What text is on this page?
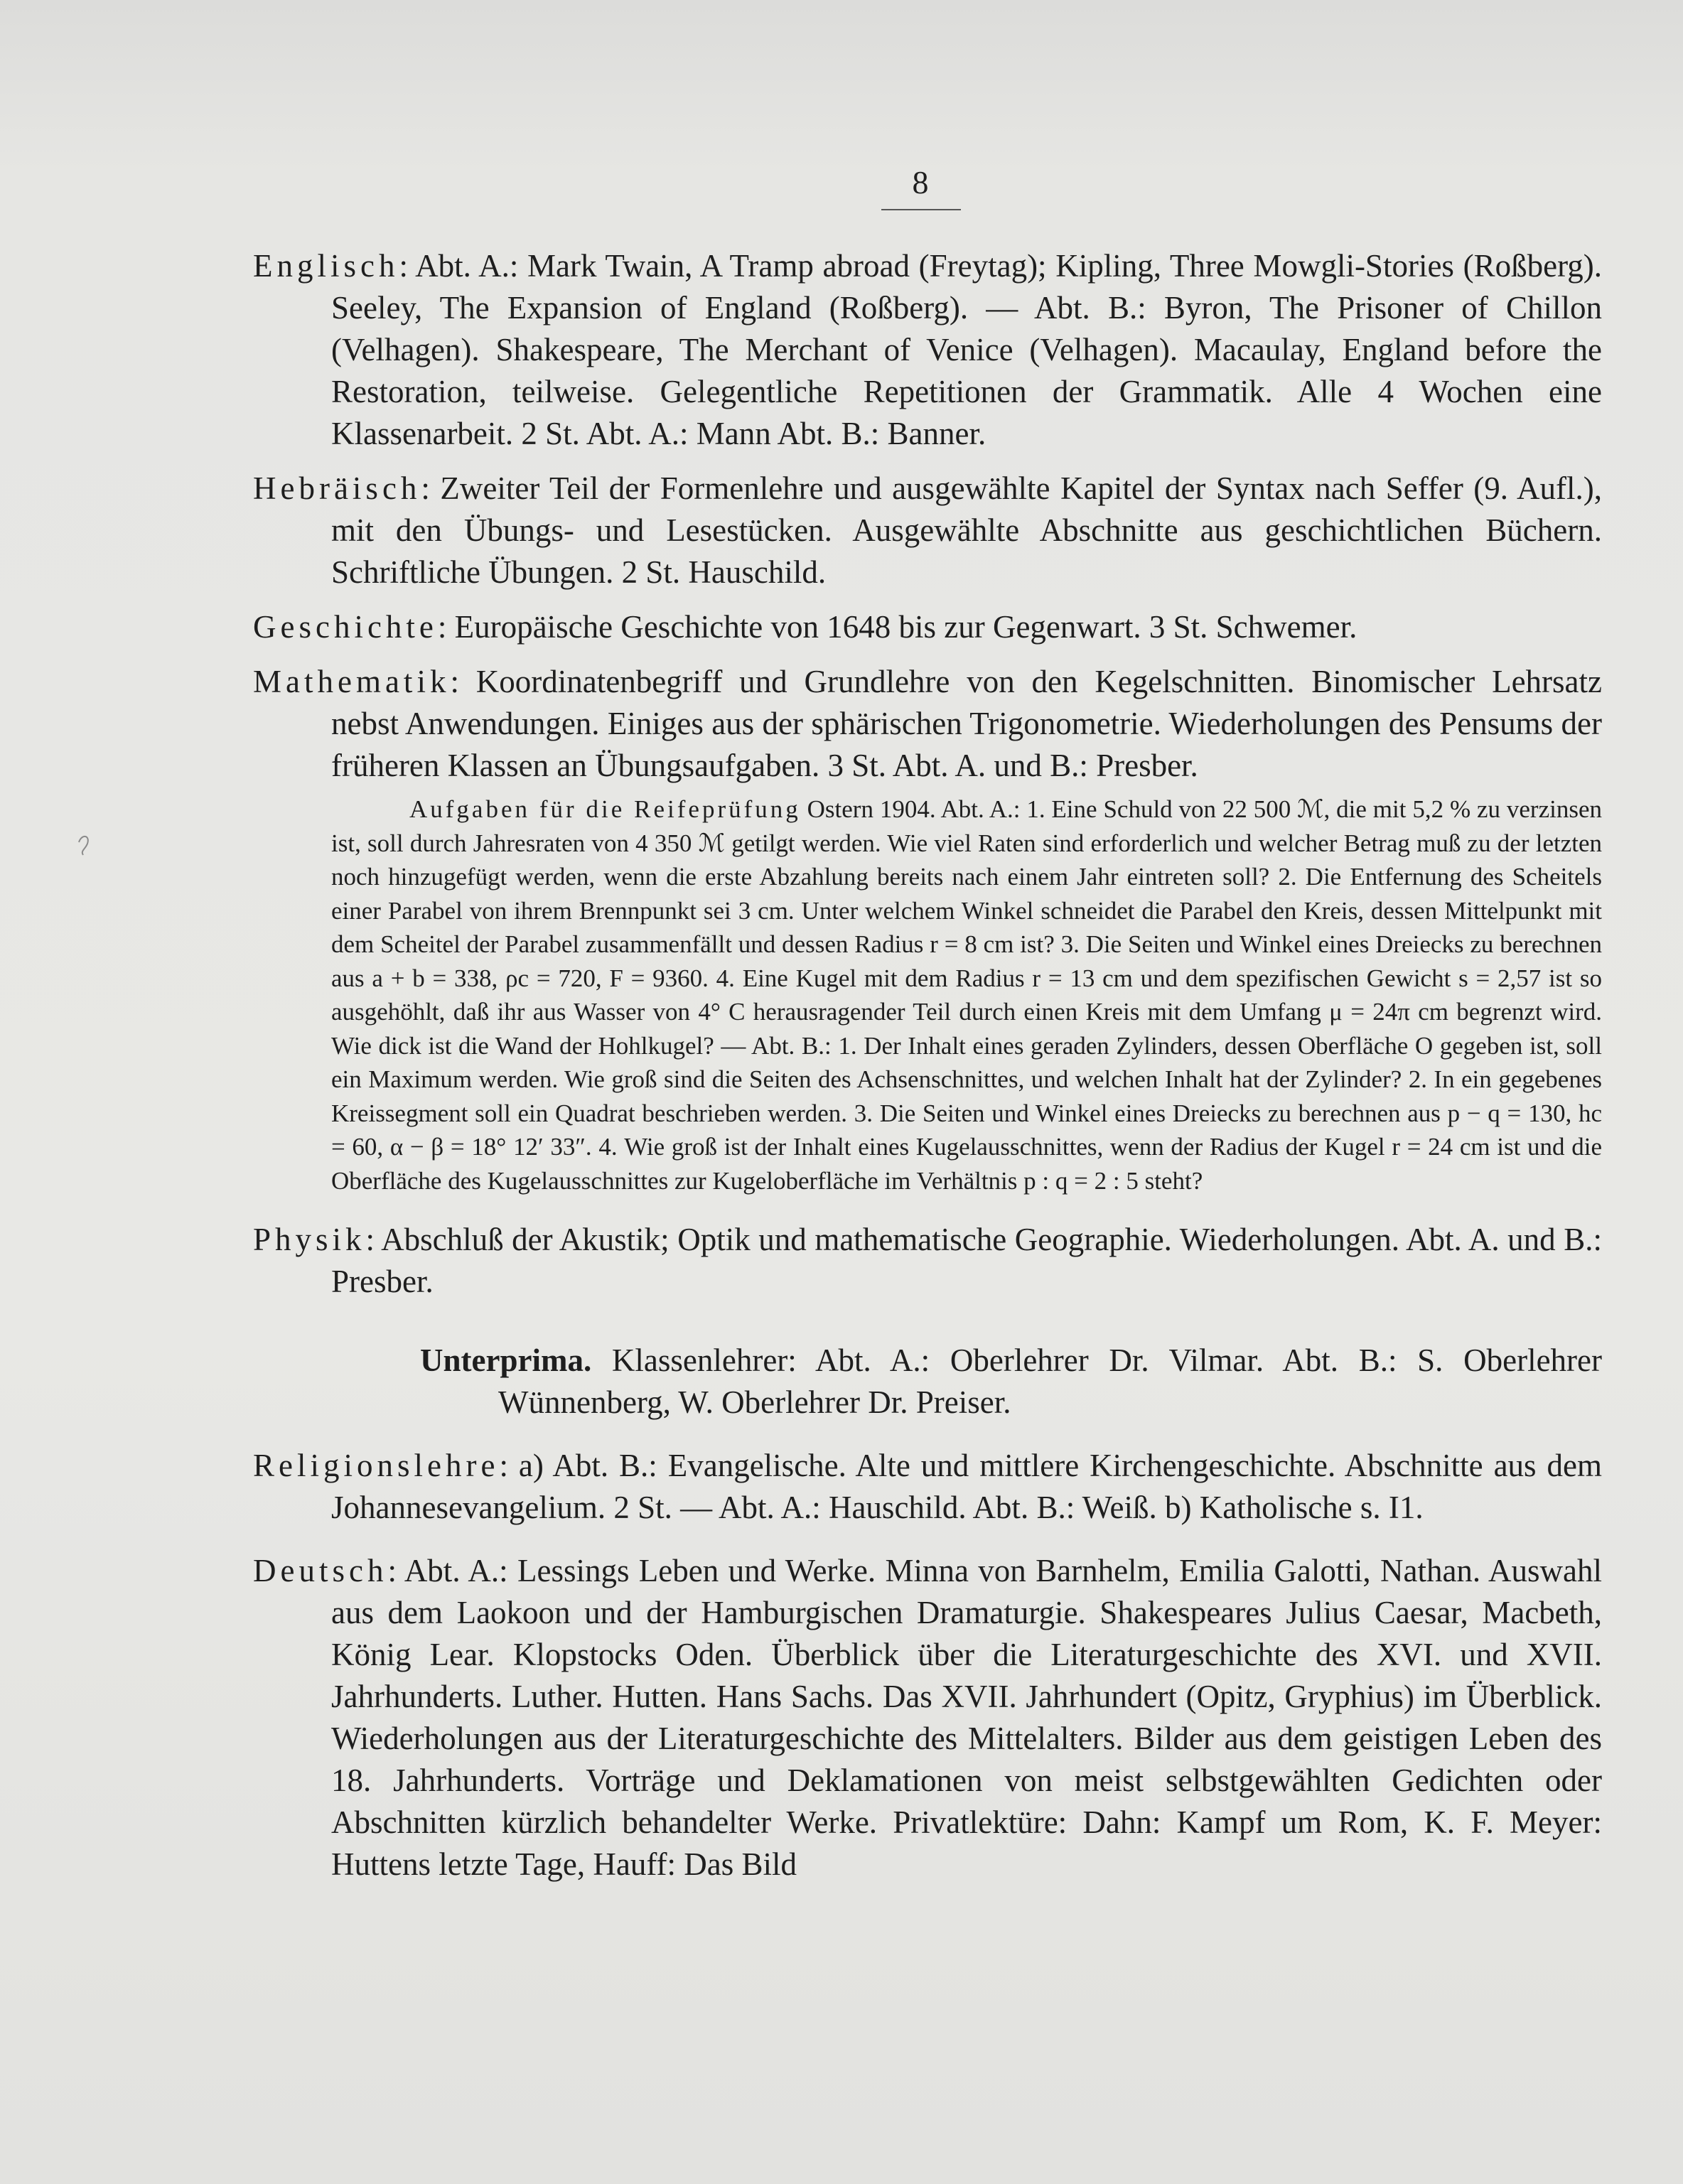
8

Englisch: Abt. A.: Mark Twain, A Tramp abroad (Freytag); Kipling, Three Mowgli-Stories (Roßberg). Seeley, The Expansion of England (Roßberg). — Abt. B.: Byron, The Prisoner of Chillon (Velhagen). Shakespeare, The Merchant of Venice (Velhagen). Macaulay, England before the Restoration, teilweise. Gelegentliche Repetitionen der Grammatik. Alle 4 Wochen eine Klassenarbeit. 2 St. Abt. A.: Mann Abt. B.: Banner.

Hebräisch: Zweiter Teil der Formenlehre und ausgewählte Kapitel der Syntax nach Seffer (9. Aufl.), mit den Übungs- und Lesestücken. Ausgewählte Abschnitte aus geschichtlichen Büchern. Schriftliche Übungen. 2 St. Hauschild.

Geschichte: Europäische Geschichte von 1648 bis zur Gegenwart. 3 St. Schwemer.

Mathematik: Koordinatenbegriff und Grundlehre von den Kegelschnitten. Binomischer Lehrsatz nebst Anwendungen. Einiges aus der sphärischen Trigonometrie. Wiederholungen des Pensums der früheren Klassen an Übungsaufgaben. 3 St. Abt. A. und B.: Presber.

Aufgaben für die Reifeprüfung Ostern 1904. Abt. A.: 1. Eine Schuld von 22 500 ℳ, die mit 5,2 % zu verzinsen ist, soll durch Jahresraten von 4 350 ℳ getilgt werden. Wie viel Raten sind erforderlich und welcher Betrag muß zu der letzten noch hinzugefügt werden, wenn die erste Abzahlung bereits nach einem Jahr eintreten soll? 2. Die Entfernung des Scheitels einer Parabel von ihrem Brennpunkt sei 3 cm. Unter welchem Winkel schneidet die Parabel den Kreis, dessen Mittelpunkt mit dem Scheitel der Parabel zusammenfällt und dessen Radius r = 8 cm ist? 3. Die Seiten und Winkel eines Dreiecks zu berechnen aus a + b = 338, ρc = 720, F = 9360. 4. Eine Kugel mit dem Radius r = 13 cm und dem spezifischen Gewicht s = 2,57 ist so ausgehöhlt, daß ihr aus Wasser von 4° C herausragender Teil durch einen Kreis mit dem Umfang μ = 24π cm begrenzt wird. Wie dick ist die Wand der Hohlkugel? — Abt. B.: 1. Der Inhalt eines geraden Zylinders, dessen Oberfläche O gegeben ist, soll ein Maximum werden. Wie groß sind die Seiten des Achsenschnittes, und welchen Inhalt hat der Zylinder? 2. In ein gegebenes Kreissegment soll ein Quadrat beschrieben werden. 3. Die Seiten und Winkel eines Dreiecks zu berechnen aus p − q = 130, hc = 60, α − β = 18° 12′ 33″. 4. Wie groß ist der Inhalt eines Kugelausschnittes, wenn der Radius der Kugel r = 24 cm ist und die Oberfläche des Kugelausschnittes zur Kugeloberfläche im Verhältnis p : q = 2 : 5 steht?

Physik: Abschluß der Akustik; Optik und mathematische Geographie. Wiederholungen. Abt. A. und B.: Presber.

Unterprima. Klassenlehrer: Abt. A.: Oberlehrer Dr. Vilmar. Abt. B.: S. Oberlehrer Wünnenberg, W. Oberlehrer Dr. Preiser.

Religionslehre: a) Abt. B.: Evangelische. Alte und mittlere Kirchengeschichte. Abschnitte aus dem Johannesevangelium. 2 St. — Abt. A.: Hauschild. Abt. B.: Weiß. b) Katholische s. I1.

Deutsch: Abt. A.: Lessings Leben und Werke. Minna von Barnhelm, Emilia Galotti, Nathan. Auswahl aus dem Laokoon und der Hamburgischen Dramaturgie. Shakespeares Julius Caesar, Macbeth, König Lear. Klopstocks Oden. Überblick über die Literaturgeschichte des XVI. und XVII. Jahrhunderts. Luther. Hutten. Hans Sachs. Das XVII. Jahrhundert (Opitz, Gryphius) im Überblick. Wiederholungen aus der Literaturgeschichte des Mittelalters. Bilder aus dem geistigen Leben des 18. Jahrhunderts. Vorträge und Deklamationen von meist selbstgewählten Gedichten oder Abschnitten kürzlich behandelter Werke. Privatlektüre: Dahn: Kampf um Rom, K. F. Meyer: Huttens letzte Tage, Hauff: Das Bild
